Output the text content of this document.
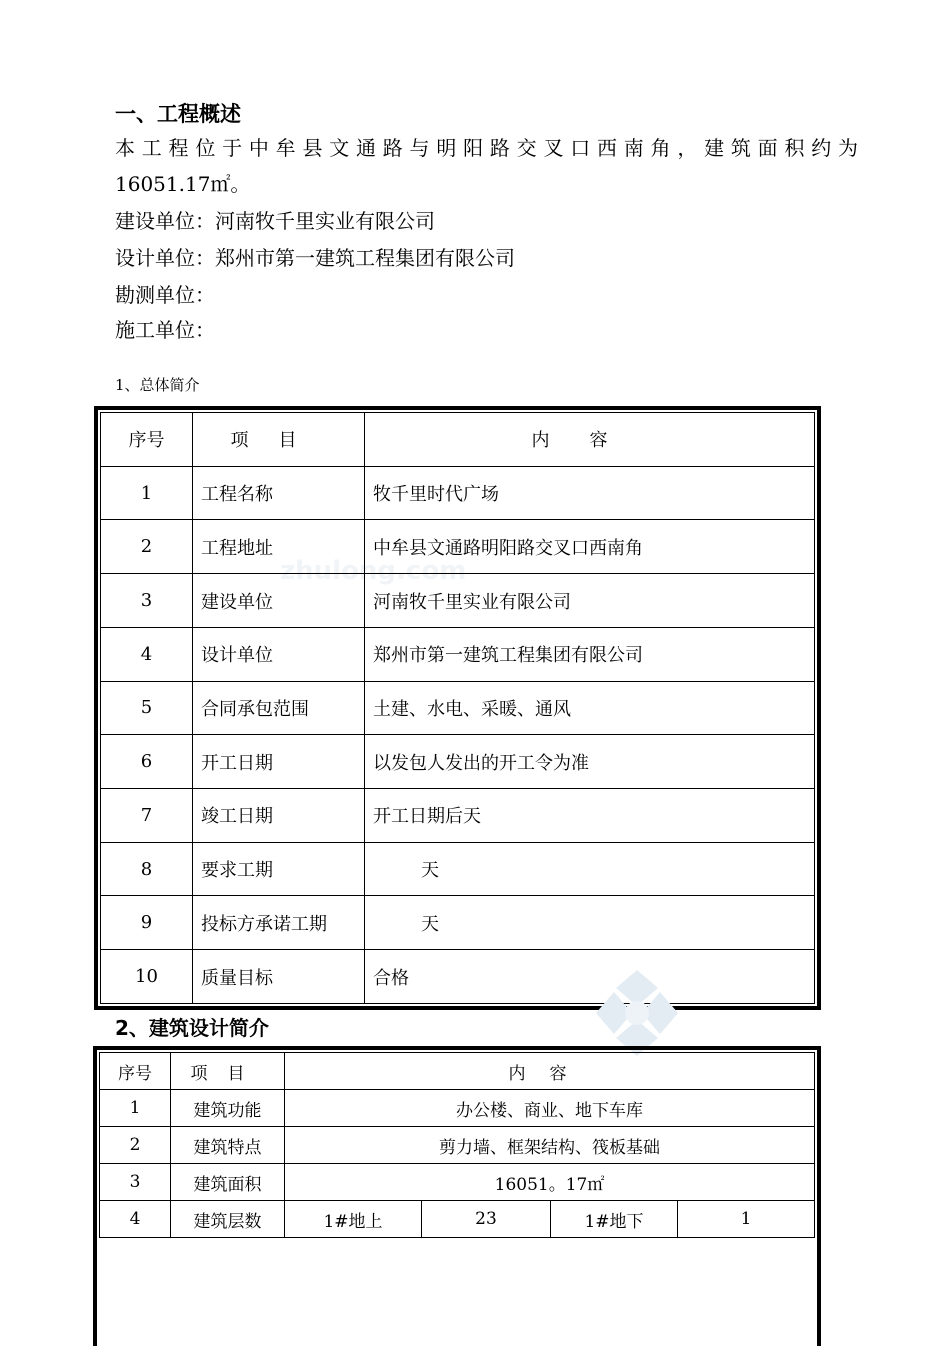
zhulong.com
一、工程概述
本工程位于中牟县文通路与明阳路交叉口西南角，建筑面积约为
16051.17㎡。
建设单位：河南牧千里实业有限公司
设计单位：郑州市第一建筑工程集团有限公司
勘测单位：
施工单位：
1、总体简介
序号	项目	内容
1	工程名称	牧千里时代广场
2	工程地址	中牟县文通路明阳路交叉口西南角
3	建设单位	河南牧千里实业有限公司
4	设计单位	郑州市第一建筑工程集团有限公司
5	合同承包范围	土建、水电、采暖、通风
6	开工日期	以发包人发出的开工令为准
7	竣工日期	开工日期后天
8	要求工期	天
9	投标方承诺工期	天
10	质量目标	合格
2、建筑设计简介
序号	项目	内容			
1	建筑功能	办公楼、商业、地下车库			
2	建筑特点	剪力墙、框架结构、筏板基础			
3	建筑面积	16051。17㎡			
4	建筑层数	1#地上	23	1#地下	1
